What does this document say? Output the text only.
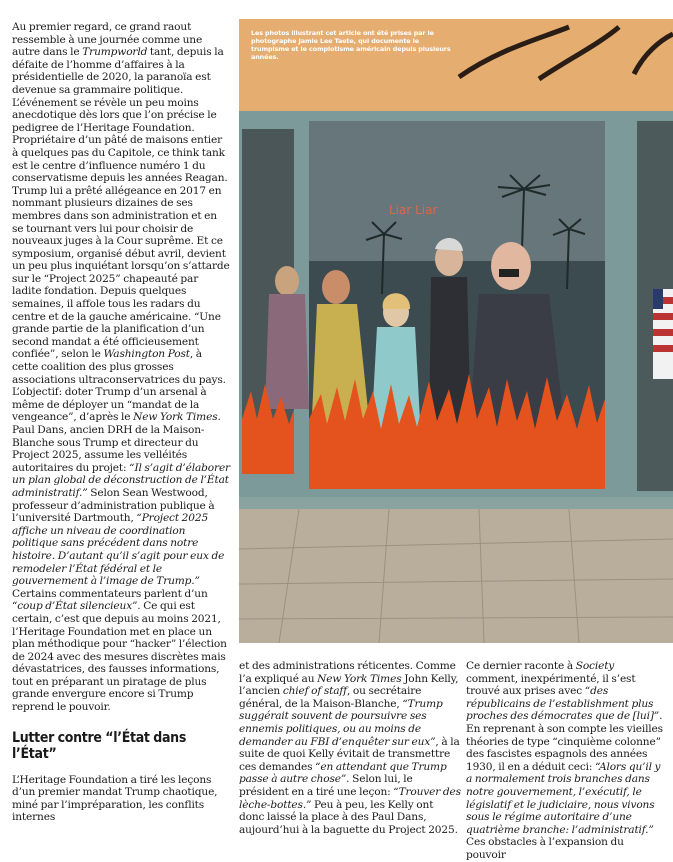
Au premier regard, ce grand raout ressemble à une journée comme une autre dans le Trumpworld tant, depuis la défaite de l’homme d’affaires à la présidentielle de 2020, la paranoïa est devenue sa grammaire politique. L’événement se révèle un peu moins anecdotique dès lors que l’on précise le pedigree de l’Heritage Foundation. Propriétaire d’un pâté de maisons entier à quelques pas du Capitole, ce think tank est le centre d’influence numéro 1 du conservatisme depuis les années Reagan. Trump lui a prêté allégeance en 2017 en nommant plusieurs dizaines de ses membres dans son administration et en se tournant vers lui pour choisir de nouveaux juges à la Cour suprême. Et ce symposium, organisé début avril, devient un peu plus inquiétant lorsqu’on s’attarde sur le “Project 2025” chapeauté par ladite fondation. Depuis quelques semaines, il affole tous les radars du centre et de la gauche américaine. “Une grande partie de la planification d’un second mandat a été officieusement confiée”, selon le Washington Post, à cette coalition des plus grosses associations ultraconservatrices du pays. L’objectif: doter Trump d’un arsenal à même de déployer un “mandat de la vengeance”, d’après le New York Times. Paul Dans, ancien DRH de la Maison-Blanche sous Trump et directeur du Project 2025, assume les velléités autoritaires du projet: “Il s’agit d’élaborer un plan global de déconstruction de l’État administratif.” Selon Sean Westwood, professeur d’administration publique à l’université Dartmouth, “Project 2025 affiche un niveau de coordination politique sans précédent dans notre histoire. D’autant qu’il s’agit pour eux de remodeler l’État fédéral et le gouvernement à l’image de Trump.” Certains commentateurs parlent d’un “coup d’État silencieux”. Ce qui est certain, c’est que depuis au moins 2021, l’Heritage Foundation met en place un plan méthodique pour “hacker” l’élection de 2024 avec des mesures discrètes mais dévastatrices, des fausses informations, tout en préparant un piratage de plus grande envergure encore si Trump reprend le pouvoir.

Lutter contre “l’État dans l’État”

L’Heritage Foundation a tiré les leçons d’un premier mandat Trump chaotique, miné par l’impréparation, les conflits internes

Liar Liar
Les photos illustrant cet article ont été prises par le photographe Jamie Lee Taete, qui documente le trumpisme et le complotisme américain depuis plusieurs années.

et des administrations réticentes. Comme l’a expliqué au New York Times John Kelly, l’ancien chief of staff, ou secrétaire général, de la Maison-Blanche, “Trump suggérait souvent de poursuivre ses ennemis politiques, ou au moins de demander au FBI d’enquêter sur eux”, à la suite de quoi Kelly évitait de transmettre ces demandes “en attendant que Trump passe à autre chose”. Selon lui, le président en a tiré une leçon: “Trouver des lèche-bottes.” Peu à peu, les Kelly ont donc laissé la place à des Paul Dans, aujourd’hui à la baguette du Project 2025.

Ce dernier raconte à Society comment, inexpérimenté, il s’est trouvé aux prises avec “des républicains de l’establishment plus proches des démocrates que de [lui]”. En reprenant à son compte les vieilles théories de type “cinquième colonne” des fascistes espagnols des années 1930, il en a déduit ceci: “Alors qu’il y a normalement trois branches dans notre gouvernement, l’exécutif, le législatif et le judiciaire, nous vivons sous le régime autoritaire d’une quatrième branche: l’administratif.” Ces obstacles à l’expansion du pouvoir
